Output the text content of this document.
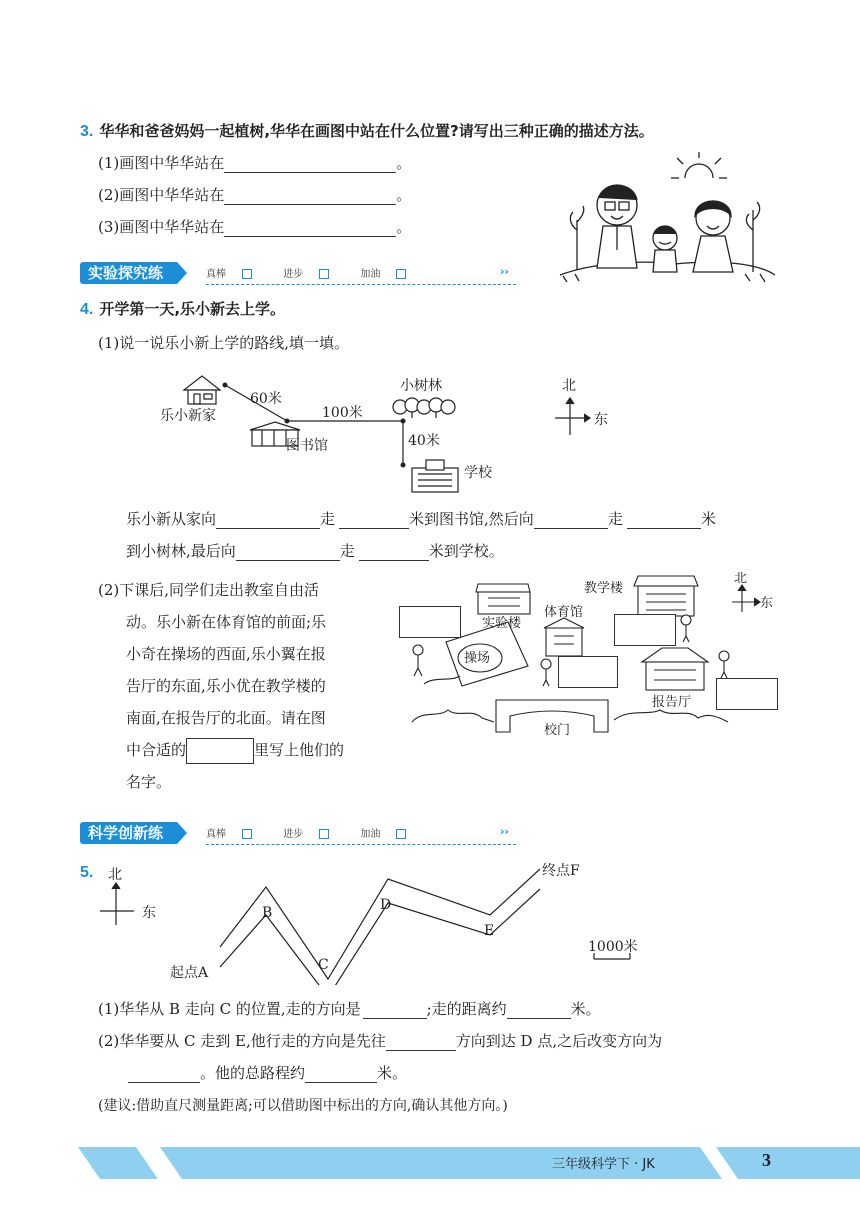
3. 华华和爸爸妈妈一起植树,华华在画图中站在什么位置?请写出三种正确的描述方法。
(1)画图中华华站在	。
(2)画图中华华站在	。
(3)画图中华华站在	。
实验探究练	真棒	进步	加油	››
4. 开学第一天,乐小新去上学。
(1)说一说乐小新上学的路线,填一填。
乐小新家
60米
100米
图书馆
小树林
40米
学校
北
东
乐小新从家向	走	米到图书馆,然后向	走	米
到小树林,最后向	走	米到学校。
(2)下课后,同学们走出教室自由活
动。乐小新在体育馆的前面;乐
小奇在操场的西面,乐小翼在报
告厅的东面,乐小优在教学楼的
南面,在报告厅的北面。请在图
中合适的	里写上他们的
名字。
实验楼
体育馆
教学楼
操场
报告厅
校门
北
东
科学创新练	真棒	进步	加油	››
5.	北
东
起点A
B
C
D
E
终点F
1000米
(1)华华从 B 走向 C 的位置,走的方向是	;走的距离约	米。
(2)华华要从 C 走到 E,他行走的方向是先往	方向到达 D 点,之后改变方向为
。他的总路程约	米。
(建议:借助直尺测量距离;可以借助图中标出的方向,确认其他方向。)
三年级科学下 · JK	3
